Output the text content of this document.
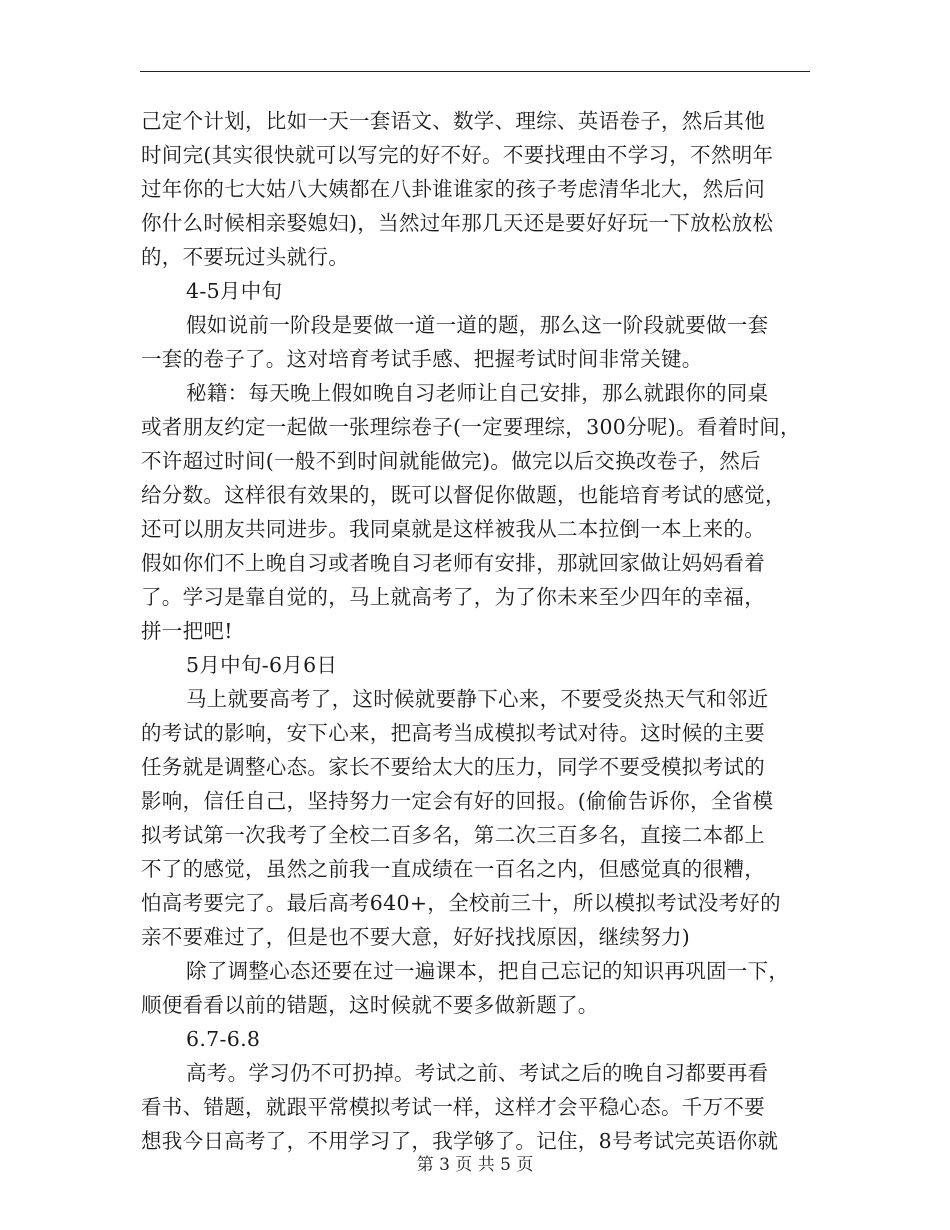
己定个计划，比如一天一套语文、数学、理综、英语卷子，然后其他
时间完(其实很快就可以写完的好不好。不要找理由不学习，不然明年
过年你的七大姑八大姨都在八卦谁谁家的孩子考虑清华北大，然后问
你什么时候相亲娶媳妇)，当然过年那几天还是要好好玩一下放松放松
的，不要玩过头就行。
4-5月中旬
假如说前一阶段是要做一道一道的题，那么这一阶段就要做一套
一套的卷子了。这对培育考试手感、把握考试时间非常关键。
秘籍：每天晚上假如晚自习老师让自己安排，那么就跟你的同桌
或者朋友约定一起做一张理综卷子(一定要理综，300分呢)。看着时间，
不许超过时间(一般不到时间就能做完)。做完以后交换改卷子，然后
给分数。这样很有效果的，既可以督促你做题，也能培育考试的感觉，
还可以朋友共同进步。我同桌就是这样被我从二本拉倒一本上来的。
假如你们不上晚自习或者晚自习老师有安排，那就回家做让妈妈看着
了。学习是靠自觉的，马上就高考了，为了你未来至少四年的幸福，
拼一把吧!
5月中旬-6月6日
马上就要高考了，这时候就要静下心来，不要受炎热天气和邻近
的考试的影响，安下心来，把高考当成模拟考试对待。这时候的主要
任务就是调整心态。家长不要给太大的压力，同学不要受模拟考试的
影响，信任自己，坚持努力一定会有好的回报。(偷偷告诉你，全省模
拟考试第一次我考了全校二百多名，第二次三百多名，直接二本都上
不了的感觉，虽然之前我一直成绩在一百名之内，但感觉真的很糟，
怕高考要完了。最后高考640+，全校前三十，所以模拟考试没考好的
亲不要难过了，但是也不要大意，好好找找原因，继续努力)
除了调整心态还要在过一遍课本，把自己忘记的知识再巩固一下，
顺便看看以前的错题，这时候就不要多做新题了。
6.7-6.8
高考。学习仍不可扔掉。考试之前、考试之后的晚自习都要再看
看书、错题，就跟平常模拟考试一样，这样才会平稳心态。千万不要
想我今日高考了，不用学习了，我学够了。记住，8号考试完英语你就
第 3 页 共 5 页
